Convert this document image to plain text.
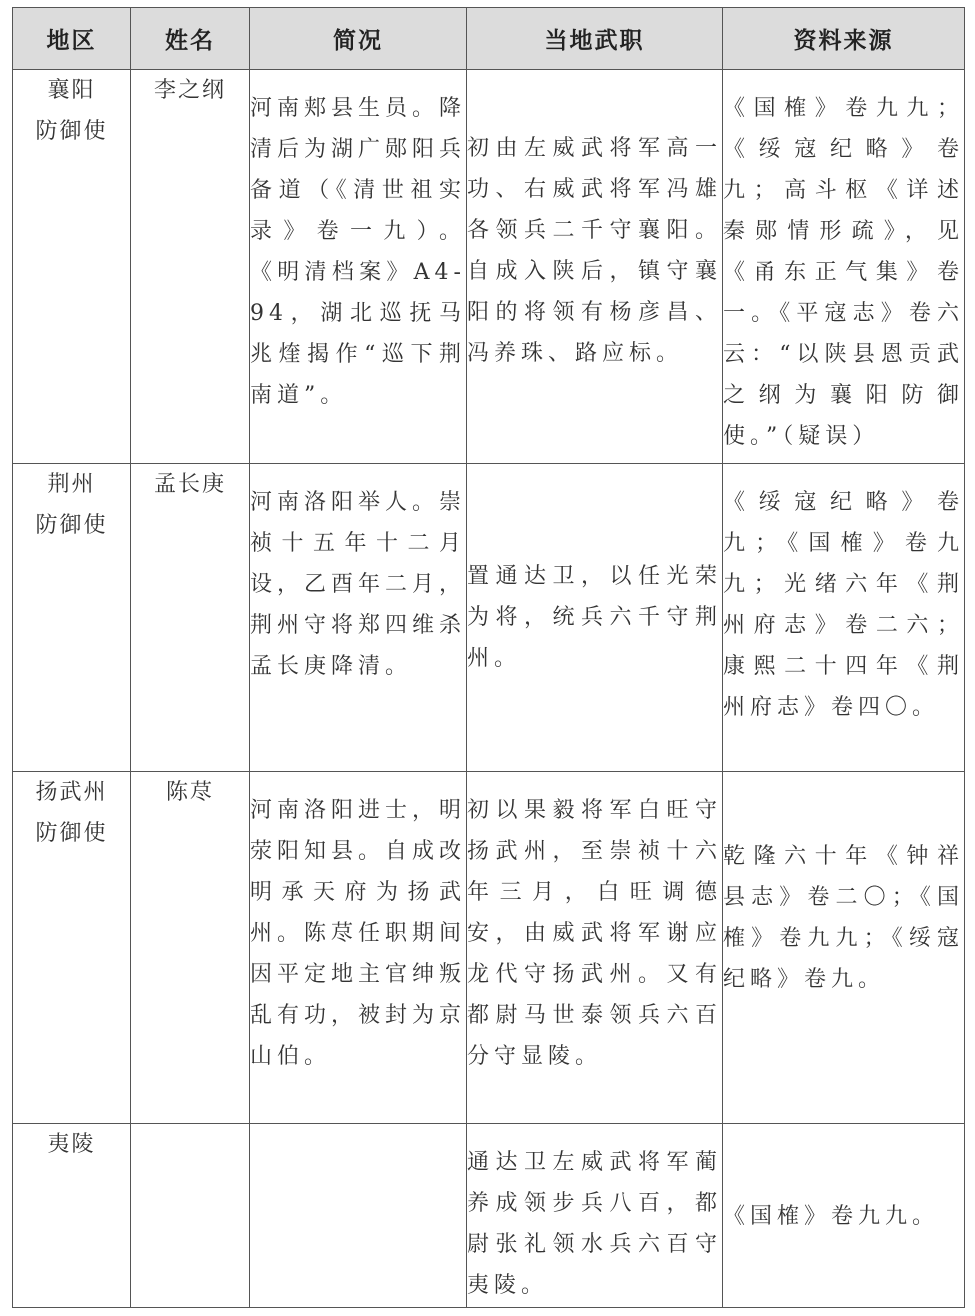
地区	姓名	简况	当地武职	资料来源

襄阳
防御使	李之纲	河南郏县生员。降清后为湖广郧阳兵备道（《清世祖实录》卷一九）。《明清档案》A4-94，湖北巡抚马兆煃揭作“巡下荆南道”。	初由左威武将军高一功、右威武将军冯雄各领兵二千守襄阳。自成入陕后，镇守襄阳的将领有杨彦昌、冯养珠、路应标。	《国榷》卷九九；《绥寇纪略》卷九；高斗枢《详述秦郧情形疏》，见《甬东正气集》卷一。《平寇志》卷六云：“以陕县恩贡武之纲为襄阳防御使。”（疑误）

荆州
防御使	孟长庚	河南洛阳举人。崇祯十五年十二月设，乙酉年二月，荆州守将郑四维杀孟长庚降清。	置通达卫，以任光荣为将，统兵六千守荆州。	《绥寇纪略》卷九；《国榷》卷九九；光绪六年《荆州府志》卷二六；康熙二十四年《荆州府志》卷四〇。

扬武州
防御使	陈荩	河南洛阳进士，明荥阳知县。自成改明承天府为扬武州。陈荩任职期间因平定地主官绅叛乱有功，被封为京山伯。	初以果毅将军白旺守扬武州，至崇祯十六年三月，白旺调德安，由威武将军谢应龙代守扬武州。又有都尉马世泰领兵六百分守显陵。	乾隆六十年《钟祥县志》卷二〇；《国榷》卷九九；《绥寇纪略》卷九。

夷陵			通达卫左威武将军蔺养成领步兵八百，都尉张礼领水兵六百守夷陵。	《国榷》卷九九。
